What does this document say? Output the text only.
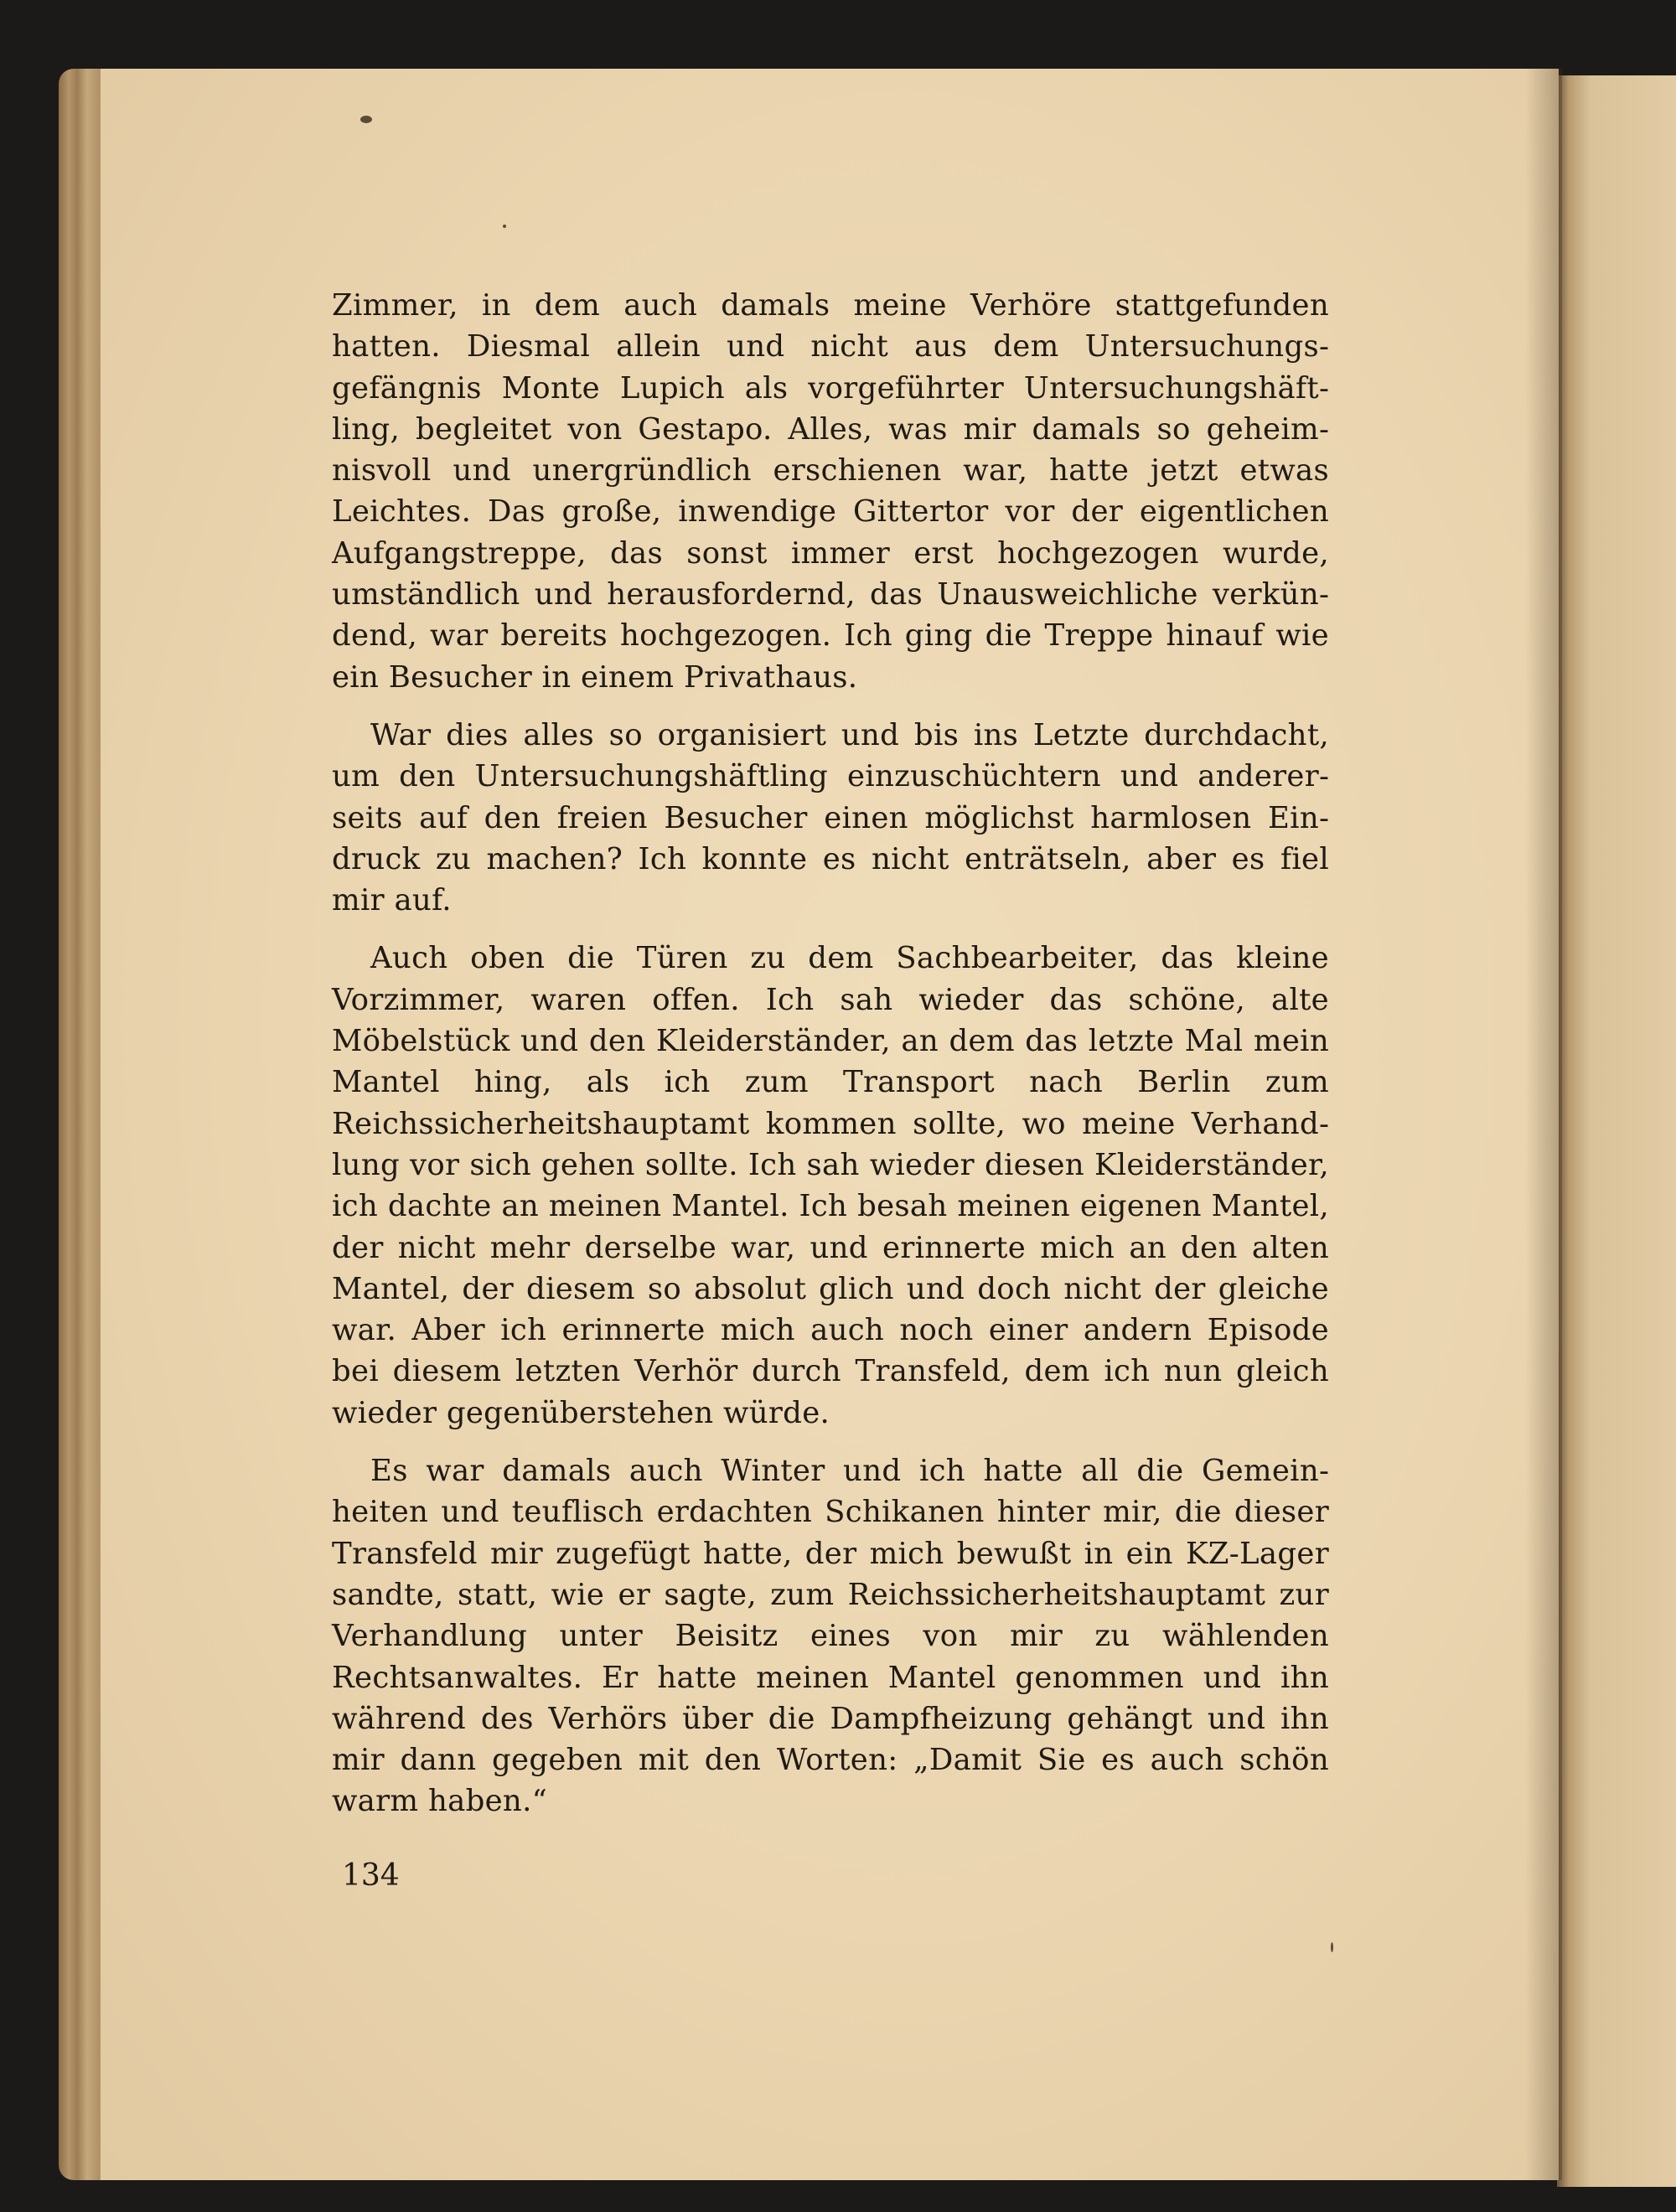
Zimmer, in dem auch damals meine Verhöre stattgefunden hatten. Diesmal allein und nicht aus dem Untersuchungsgefängnis Monte Lupich als vorgeführter Untersuchungshäftling, begleitet von Gestapo. Alles, was mir damals so geheimnisvoll und unergründlich erschienen war, hatte jetzt etwas Leichtes. Das große, inwendige Gittertor vor der eigentlichen Aufgangstreppe, das sonst immer erst hochgezogen wurde, umständlich und herausfordernd, das Unausweichliche verkündend, war bereits hochgezogen. Ich ging die Treppe hinauf wie ein Besucher in einem Privathaus.

War dies alles so organisiert und bis ins Letzte durchdacht, um den Untersuchungshäftling einzuschüchtern und andererseits auf den freien Besucher einen möglichst harmlosen Eindruck zu machen? Ich konnte es nicht enträtseln, aber es fiel mir auf.

Auch oben die Türen zu dem Sachbearbeiter, das kleine Vorzimmer, waren offen. Ich sah wieder das schöne, alte Möbelstück und den Kleiderständer, an dem das letzte Mal mein Mantel hing, als ich zum Transport nach Berlin zum Reichssicherheitshauptamt kommen sollte, wo meine Verhandlung vor sich gehen sollte. Ich sah wieder diesen Kleiderständer, ich dachte an meinen Mantel. Ich besah meinen eigenen Mantel, der nicht mehr derselbe war, und erinnerte mich an den alten Mantel, der diesem so absolut glich und doch nicht der gleiche war. Aber ich erinnerte mich auch noch einer andern Episode bei diesem letzten Verhör durch Transfeld, dem ich nun gleich wieder gegenüberstehen würde.

Es war damals auch Winter und ich hatte all die Gemeinheiten und teuflisch erdachten Schikanen hinter mir, die dieser Transfeld mir zugefügt hatte, der mich bewußt in ein KZ-Lager sandte, statt, wie er sagte, zum Reichssicherheitshauptamt zur Verhandlung unter Beisitz eines von mir zu wählenden Rechtsanwaltes. Er hatte meinen Mantel genommen und ihn während des Verhörs über die Dampfheizung gehängt und ihn mir dann gegeben mit den Worten: „Damit Sie es auch schön warm haben.“

134
